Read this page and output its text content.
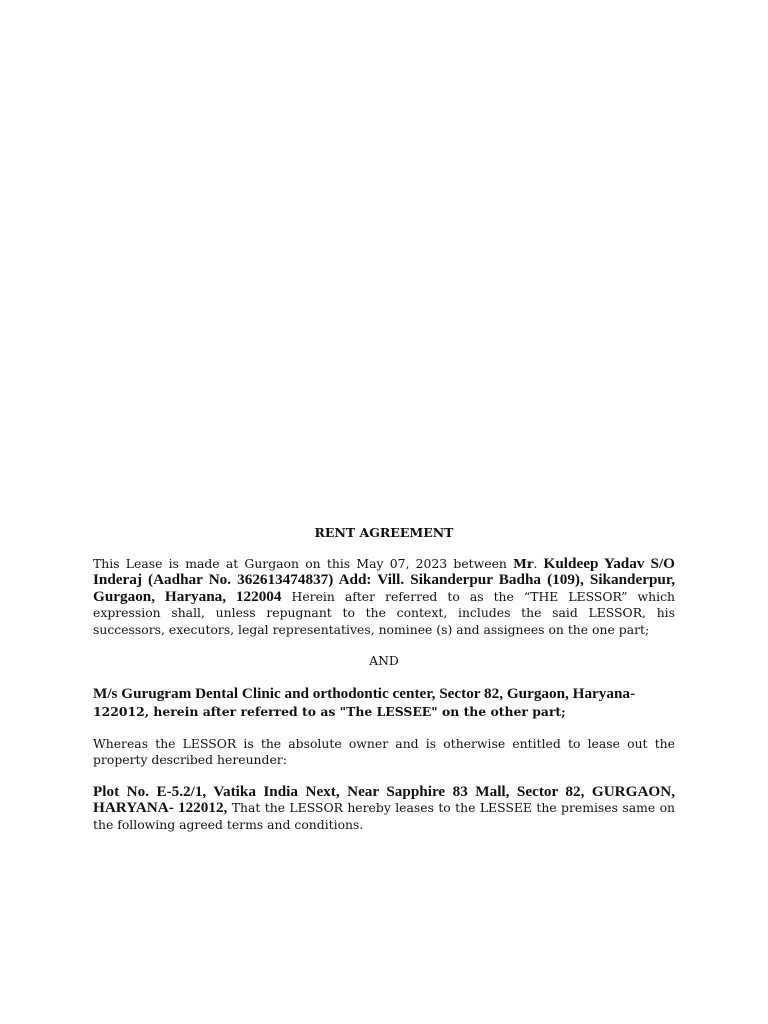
RENT AGREEMENT

This Lease is made at Gurgaon on this May 07, 2023 between Mr. Kuldeep Yadav S/O Inderaj (Aadhar No. 362613474837) Add: Vill. Sikanderpur Badha (109), Sikanderpur, Gurgaon, Haryana, 122004 Herein after referred to as the “THE LESSOR” which expression shall, unless repugnant to the context, includes the said LESSOR, his successors, executors, legal representatives, nominee (s) and assignees on the one part;

AND

M/s Gurugram Dental Clinic and orthodontic center, Sector 82, Gurgaon, Haryana-
122012, herein after referred to as "The LESSEE" on the other part;

Whereas the LESSOR is the absolute owner and is otherwise entitled to lease out the property described hereunder:

Plot No. E-5.2/1, Vatika India Next, Near Sapphire 83 Mall, Sector 82, GURGAON, HARYANA- 122012, That the LESSOR hereby leases to the LESSEE the premises same on the following agreed terms and conditions.
